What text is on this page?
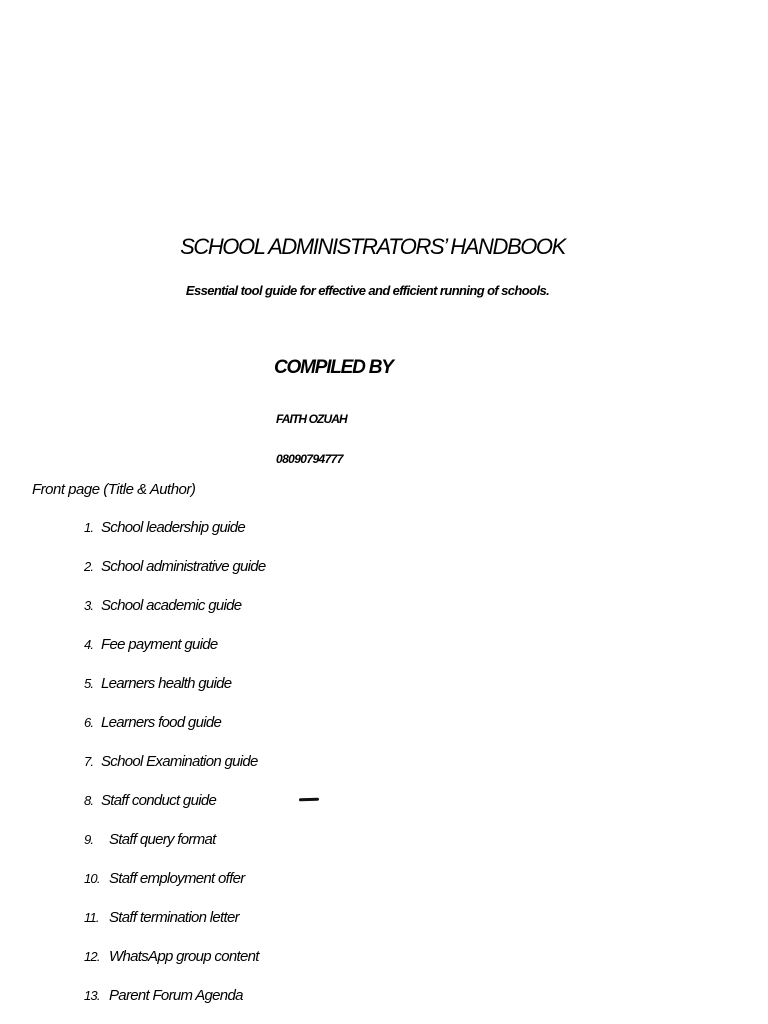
SCHOOL ADMINISTRATORS’ HANDBOOK

Essential tool guide for effective and efficient running of schools.

COMPILED BY

FAITH OZUAH

08090794777

Front page (Title & Author)

1. School leadership guide
2. School administrative guide
3. School academic guide
4. Fee payment guide
5. Learners health guide
6. Learners food guide
7. School Examination guide
8. Staff conduct guide
9.	Staff query format
10. Staff employment offer
11. Staff termination letter
12. WhatsApp group content
13. Parent Forum Agenda
